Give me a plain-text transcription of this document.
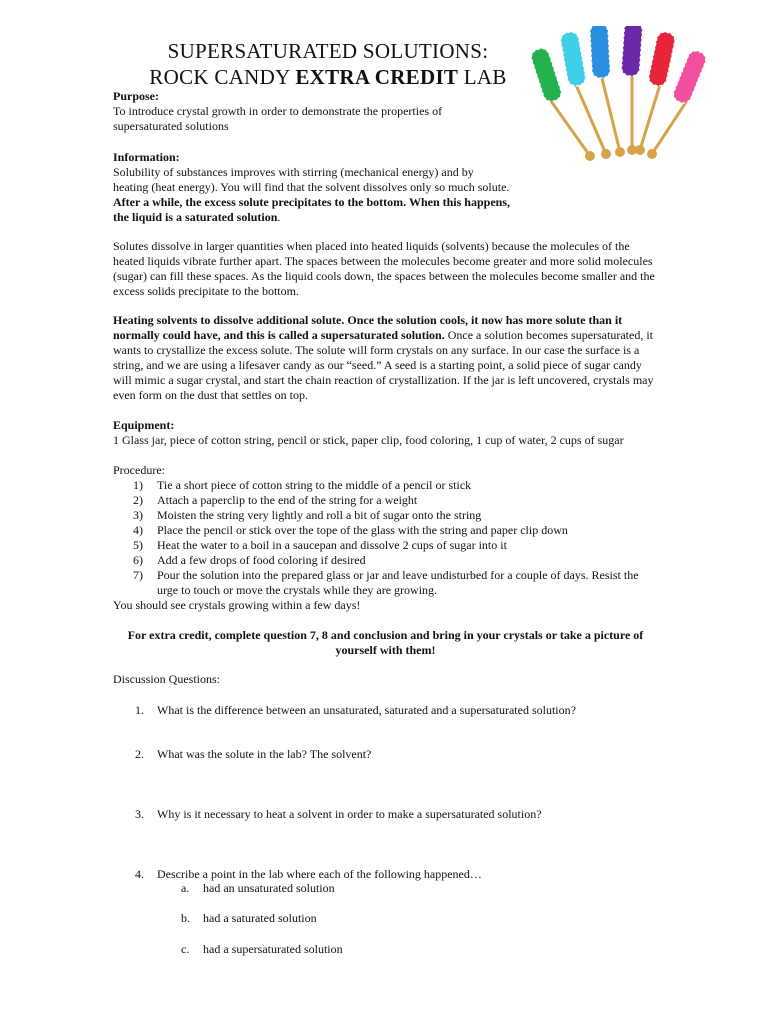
SUPERSATURATED SOLUTIONS:
ROCK CANDY EXTRA CREDIT LAB
Purpose:
To introduce crystal growth in order to demonstrate the properties of supersaturated solutions
Information:
Solubility of substances improves with stirring (mechanical energy) and by heating (heat energy). You will find that the solvent dissolves only so much solute. After a while, the excess solute precipitates to the bottom. When this happens, the liquid is a saturated solution.
Solutes dissolve in larger quantities when placed into heated liquids (solvents) because the molecules of the heated liquids vibrate further apart. The spaces between the molecules become greater and more solid molecules (sugar) can fill these spaces. As the liquid cools down, the spaces between the molecules become smaller and the excess solids precipitate to the bottom.
Heating solvents to dissolve additional solute. Once the solution cools, it now has more solute than it normally could have, and this is called a supersaturated solution. Once a solution becomes supersaturated, it wants to crystallize the excess solute. The solute will form crystals on any surface. In our case the surface is a string, and we are using a lifesaver candy as our “seed.” A seed is a starting point, a solid piece of sugar candy will mimic a sugar crystal, and start the chain reaction of crystallization. If the jar is left uncovered, crystals may even form on the dust that settles on top.
Equipment:
1 Glass jar, piece of cotton string, pencil or stick, paper clip, food coloring, 1 cup of water, 2 cups of sugar
Procedure:
1) Tie a short piece of cotton string to the middle of a pencil or stick
2) Attach a paperclip to the end of the string for a weight
3) Moisten the string very lightly and roll a bit of sugar onto the string
4) Place the pencil or stick over the tope of the glass with the string and paper clip down
5) Heat the water to a boil in a saucepan and dissolve 2 cups of sugar into it
6) Add a few drops of food coloring if desired
7) Pour the solution into the prepared glass or jar and leave undisturbed for a couple of days. Resist the urge to touch or move the crystals while they are growing.
You should see crystals growing within a few days!
For extra credit, complete question 7, 8 and conclusion and bring in your crystals or take a picture of yourself with them!
Discussion Questions:
1. What is the difference between an unsaturated, saturated and a supersaturated solution?
2. What was the solute in the lab? The solvent?
3. Why is it necessary to heat a solvent in order to make a supersaturated solution?
4. Describe a point in the lab where each of the following happened…
a. had an unsaturated solution
b. had a saturated solution
c. had a supersaturated solution
